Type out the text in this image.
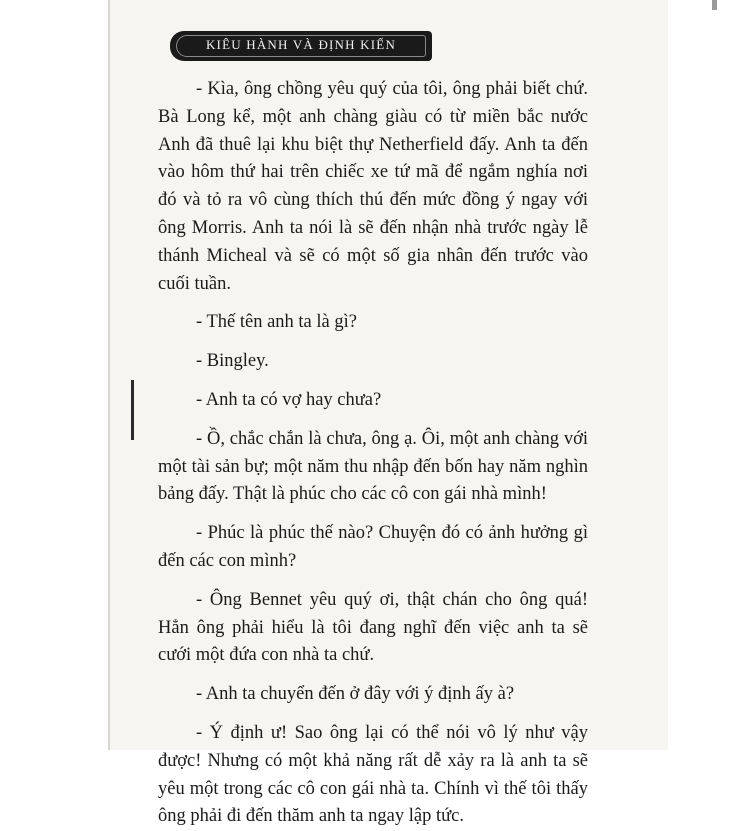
KIÊU HÀNH VÀ ĐỊNH KIẾN

- Kìa, ông chồng yêu quý của tôi, ông phải biết chứ. Bà Long kể, một anh chàng giàu có từ miền bắc nước Anh đã thuê lại khu biệt thự Netherfield đấy. Anh ta đến vào hôm thứ hai trên chiếc xe tứ mã để ngắm nghía nơi đó và tỏ ra vô cùng thích thú đến mức đồng ý ngay với ông Morris. Anh ta nói là sẽ đến nhận nhà trước ngày lễ thánh Micheal và sẽ có một số gia nhân đến trước vào cuối tuần.

- Thế tên anh ta là gì?

- Bingley.

- Anh ta có vợ hay chưa?

- Ồ, chắc chắn là chưa, ông ạ. Ôi, một anh chàng với một tài sản bự; một năm thu nhập đến bốn hay năm nghìn bảng đấy. Thật là phúc cho các cô con gái nhà mình!

- Phúc là phúc thế nào? Chuyện đó có ảnh hưởng gì đến các con mình?

- Ông Bennet yêu quý ơi, thật chán cho ông quá! Hẳn ông phải hiểu là tôi đang nghĩ đến việc anh ta sẽ cưới một đứa con nhà ta chứ.

- Anh ta chuyển đến ở đây với ý định ấy à?

- Ý định ư! Sao ông lại có thể nói vô lý như vậy được! Nhưng có một khả năng rất dễ xảy ra là anh ta sẽ yêu một trong các cô con gái nhà ta. Chính vì thế tôi thấy ông phải đi đến thăm anh ta ngay lập tức.
